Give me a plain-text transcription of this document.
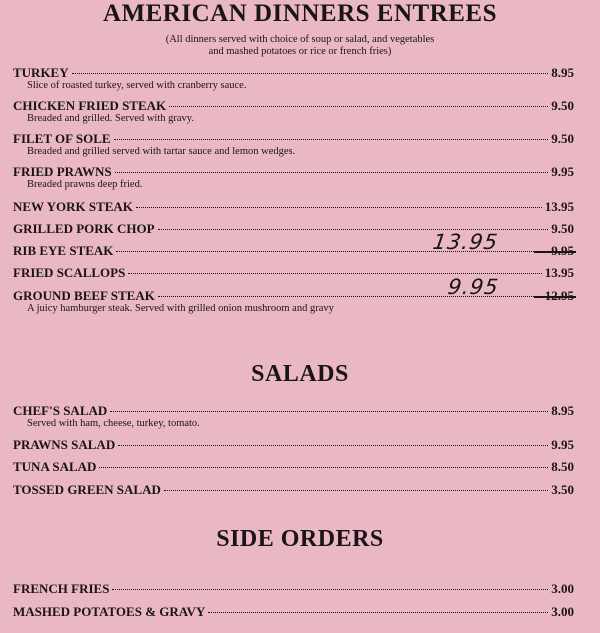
AMERICAN DINNERS ENTREES
(All dinners served with choice of soup or salad, and vegetables
and mashed potatoes or rice or french fries)
TURKEY	8.95
Slice of roasted turkey, served with cranberry sauce.
CHICKEN FRIED STEAK	9.50
Breaded and grilled. Served with gravy.
FILET OF SOLE	9.50
Breaded and grilled served with tartar sauce and lemon wedges.
FRIED PRAWNS	9.95
Breaded prawns deep fried.
NEW YORK STEAK	13.95
GRILLED PORK CHOP	9.50
RIB EYE STEAK	9.95
13.95
FRIED SCALLOPS	13.95
GROUND BEEF STEAK	12.95
9.95
A juicy hamburger steak. Served with grilled onion mushroom and gravy
SALADS
CHEF'S SALAD	8.95
Served with ham, cheese, turkey, tomato.
PRAWNS SALAD	9.95
TUNA SALAD	8.50
TOSSED GREEN SALAD	3.50
SIDE ORDERS
FRENCH FRIES	3.00
MASHED POTATOES & GRAVY	3.00
